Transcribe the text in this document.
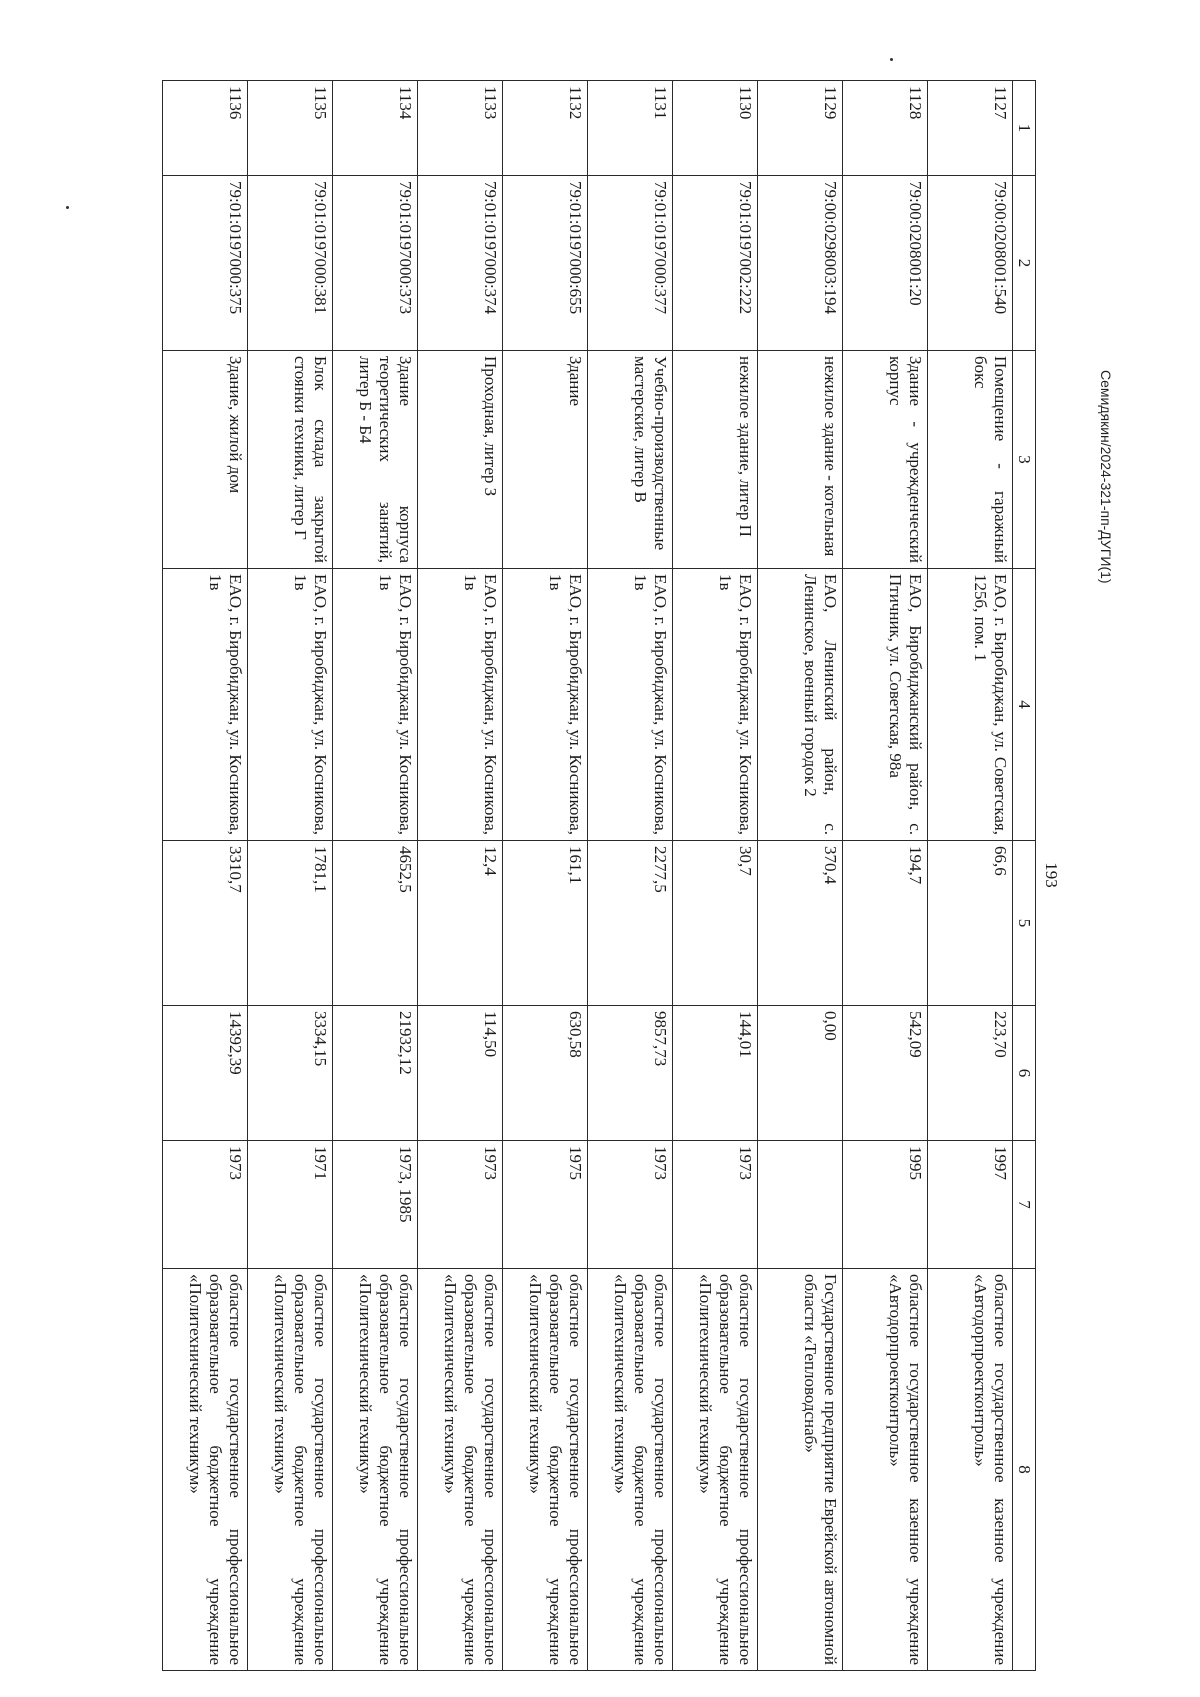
193
1	2	3	4	5	6	7	8
1127	79:00:0208001:540	Помещение - гаражный бокс	ЕАО, г. Биробиджан, ул. Советская, 125б, пом. 1	66,6	223,70	1997	областное государственное казенное учреждение «Автодорпроектконтроль»
1128	79:00:0208001:20	Здание - учрежденческий корпус	ЕАО, Биробиджанский район, с. Птичник, ул. Советская, 98а	194,7	542,09	1995	областное государственное казенное учреждение «Автодорпроектконтроль»
1129	79:00:0298003:194	нежилое здание - котельная	ЕАО, Ленинский район, с. Ленинское, военный городок 2	370,4	0,00		Государственное предприятие Еврейской автономной области «Тепловодснаб»
1130	79:01:0197002:222	нежилое здание, литер П	ЕАО, г. Биробиджан, ул. Косникова, 1в	30,7	144,01	1973	областное государственное профессиональное образовательное бюджетное учреждение «Политехнический техникум»
1131	79:01:0197000:377	Учебно-производственные мастерские, литер В	ЕАО, г. Биробиджан, ул. Косникова, 1в	2277,5	9857,73	1973	областное государственное профессиональное образовательное бюджетное учреждение «Политехнический техникум»
1132	79:01:0197000:655	Здание	ЕАО, г. Биробиджан, ул. Косникова, 1в	161,1	630,58	1975	областное государственное профессиональное образовательное бюджетное учреждение «Политехнический техникум»
1133	79:01:0197000:374	Проходная, литер З	ЕАО, г. Биробиджан, ул. Косникова, 1в	12,4	114,50	1973	областное государственное профессиональное образовательное бюджетное учреждение «Политехнический техникум»
1134	79:01:0197000:373	Здание корпуса теоретических занятий, литер Б - Б4	ЕАО, г. Биробиджан, ул. Косникова, 1в	4652,5	21932,12	1973, 1985	областное государственное профессиональное образовательное бюджетное учреждение «Политехнический техникум»
1135	79:01:0197000:381	Блок склада закрытой стоянки техники, литер Г	ЕАО, г. Биробиджан, ул. Косникова, 1в	1781,1	3334,15	1971	областное государственное профессиональное образовательное бюджетное учреждение «Политехнический техникум»
1136	79:01:0197000:375	Здание, жилой дом	ЕАО, г. Биробиджан, ул. Косникова, 1в	3310,7	14392,39	1973	областное государственное профессиональное образовательное бюджетное учреждение «Политехнический техникум»
Семидякин/2024-321-пп-ДУГИ(1)
